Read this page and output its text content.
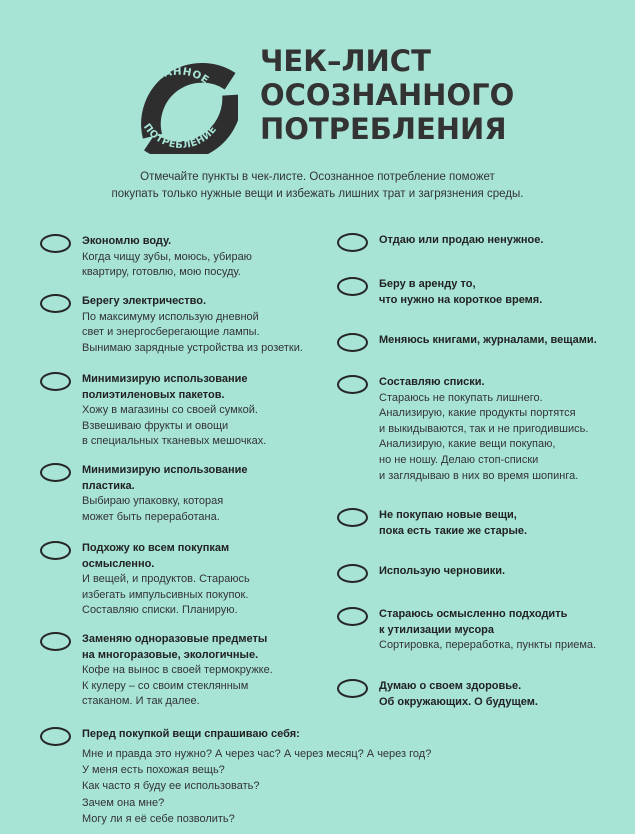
ОСОЗНАННОЕ
ПОТРЕБЛЕНИЕ
ЧЕК–ЛИСТ
ОСОЗНАННОГО
ПОТРЕБЛЕНИЯ
Отмечайте пункты в чек-листе. Осознанное потребление поможет
покупать только нужные вещи и избежать лишних трат и загрязнения среды.
Экономлю воду.
Когда чищу зубы, моюсь, убираю
квартиру, готовлю, мою посуду.
Берегу электричество.
По максимуму использую дневной
свет и энергосберегающие лампы.
Вынимаю зарядные устройства из розетки.
Минимизирую использование
полиэтиленовых пакетов.
Хожу в магазины со своей сумкой.
Взвешиваю фрукты и овощи
в специальных тканевых мешочках.
Минимизирую использование
пластика.
Выбираю упаковку, которая
может быть переработана.
Подхожу ко всем покупкам
осмысленно.
И вещей, и продуктов. Стараюсь
избегать импульсивных покупок.
Составляю списки. Планирую.
Заменяю одноразовые предметы
на многоразовые, экологичные.
Кофе на вынос в своей термокружке.
К кулеру – со своим стеклянным
стаканом. И так далее.
Отдаю или продаю ненужное.
Беру в аренду то,
что нужно на короткое время.
Меняюсь книгами, журналами, вещами.
Составляю списки.
Стараюсь не покупать лишнего.
Анализирую, какие продукты портятся
и выкидываются, так и не пригодившись.
Анализирую, какие вещи покупаю,
но не ношу. Делаю стоп-списки
и заглядываю в них во время шопинга.
Не покупаю новые вещи,
пока есть такие же старые.
Использую черновики.
Стараюсь осмысленно подходить
к утилизации мусора
Сортировка, переработка, пункты приема.
Думаю о своем здоровье.
Об окружающих. О будущем.
Перед покупкой вещи спрашиваю себя:
Мне и правда это нужно? А через час? А через месяц? А через год?
У меня есть похожая вещь?
Как часто я буду ее использовать?
Зачем она мне?
Могу ли я её себе позволить?
